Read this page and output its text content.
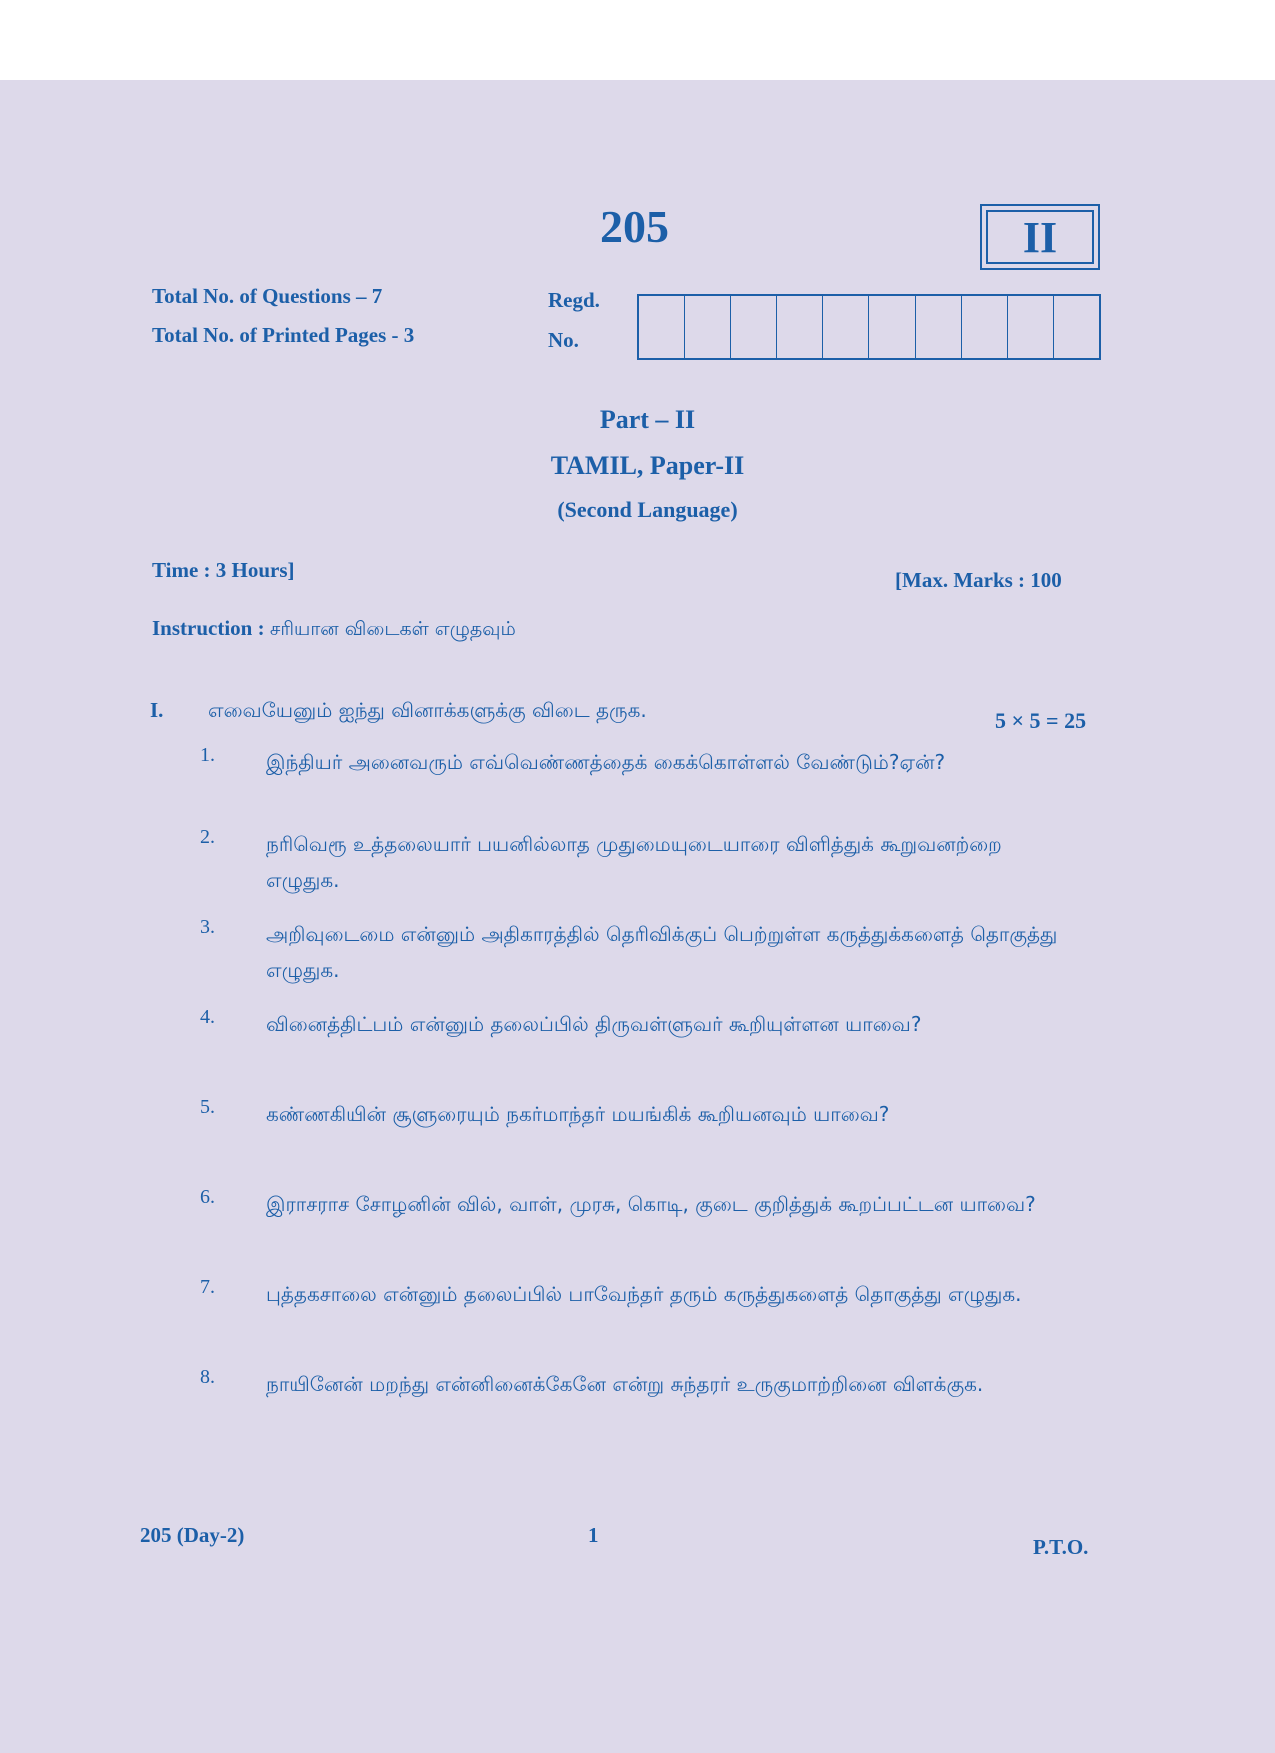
205	II
Total No. of Questions – 7
Total No. of Printed Pages - 3
Regd.
No.
Part – II
TAMIL, Paper-II
(Second Language)
Time : 3 Hours]	[Max. Marks : 100
Instruction : சரியான விடைகள் எழுதவும்
I. எவையேனும் ஐந்து வினாக்களுக்கு விடை தருக.	5 × 5 = 25
1.	இந்தியர் அனைவரும் எவ்வெண்ணத்தைக் கைக்கொள்ளல் வேண்டும்?ஏன்?
2.	நரிவெரூ உத்தலையார் பயனில்லாத முதுமையுடையாரை விளித்துக் கூறுவனற்றை எழுதுக.
3.	அறிவுடைமை என்னும் அதிகாரத்தில் தெரிவிக்குப் பெற்றுள்ள கருத்துக்களைத் தொகுத்து எழுதுக.
4.	வினைத்திட்பம் என்னும் தலைப்பில் திருவள்ளுவர் கூறியுள்ளன யாவை?
5.	கண்ணகியின் சூளுரையும் நகர்மாந்தர் மயங்கிக் கூறியனவும் யாவை?
6.	இராசராச சோழனின் வில், வாள், முரசு, கொடி, குடை குறித்துக் கூறப்பட்டன யாவை?
7.	புத்தகசாலை என்னும் தலைப்பில் பாவேந்தர் தரும் கருத்துகளைத் தொகுத்து எழுதுக.
8.	நாயினேன் மறந்து என்னினைக்கேனே என்று சுந்தரர் உருகுமாற்றினை விளக்குக.
205 (Day-2)	1	P.T.O.
